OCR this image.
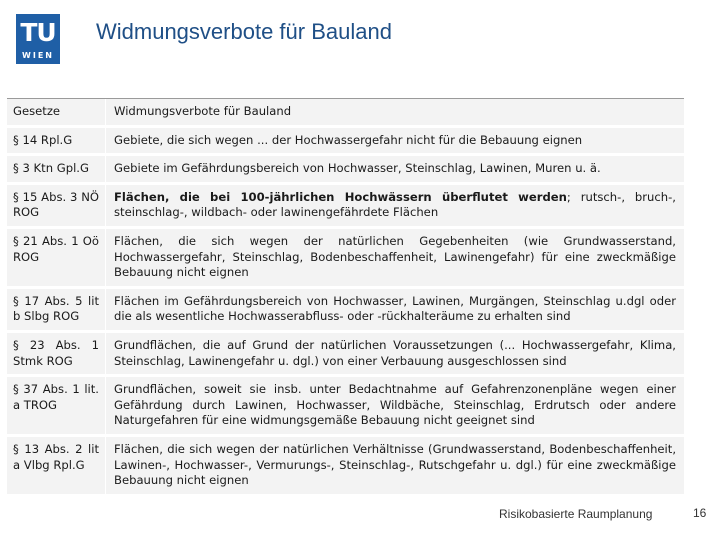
TU
WIEN
Widmungsverbote für Bauland
Gesetze	Widmungsverbote für Bauland
§ 14 Rpl.G	Gebiete, die sich wegen ... der Hochwassergefahr nicht für die Bebauung eignen
§ 3 Ktn Gpl.G	Gebiete im Gefährdungsbereich von Hochwasser, Steinschlag, Lawinen, Muren u. ä.
§ 15 Abs. 3 NÖ ROG	Flächen, die bei 100-jährlichen Hochwässern überflutet werden; rutsch-, bruch-, steinschlag-, wildbach- oder lawinengefährdete Flächen
§ 21 Abs. 1 Oö ROG	Flächen, die sich wegen der natürlichen Gegebenheiten (wie Grundwasserstand, Hochwassergefahr, Steinschlag, Bodenbeschaffenheit, Lawinengefahr) für eine zweckmäßige Bebauung nicht eignen
§ 17 Abs. 5 lit b Slbg ROG	Flächen im Gefährdungsbereich von Hochwasser, Lawinen, Murgängen, Steinschlag u.dgl oder die als wesentliche Hochwasserabfluss- oder -rückhalteräume zu erhalten sind
§ 23 Abs. 1 Stmk ROG	Grundflächen, die auf Grund der natürlichen Voraussetzungen (... Hochwassergefahr, Klima, Steinschlag, Lawinengefahr u. dgl.) von einer Verbauung ausgeschlossen sind
§ 37 Abs. 1 lit. a TROG	Grundflächen, soweit sie insb. unter Bedachtnahme auf Gefahrenzonenpläne wegen einer Gefährdung durch Lawinen, Hochwasser, Wildbäche, Steinschlag, Erdrutsch oder andere Naturgefahren für eine widmungsgemäße Bebauung nicht geeignet sind
§ 13 Abs. 2 lit a Vlbg Rpl.G	Flächen, die sich wegen der natürlichen Verhältnisse (Grundwasserstand, Bodenbeschaffenheit, Lawinen-, Hochwasser-, Vermurungs-, Steinschlag-, Rutschgefahr u. dgl.) für eine zweckmäßige Bebauung nicht eignen
Risikobasierte Raumplanung	16
